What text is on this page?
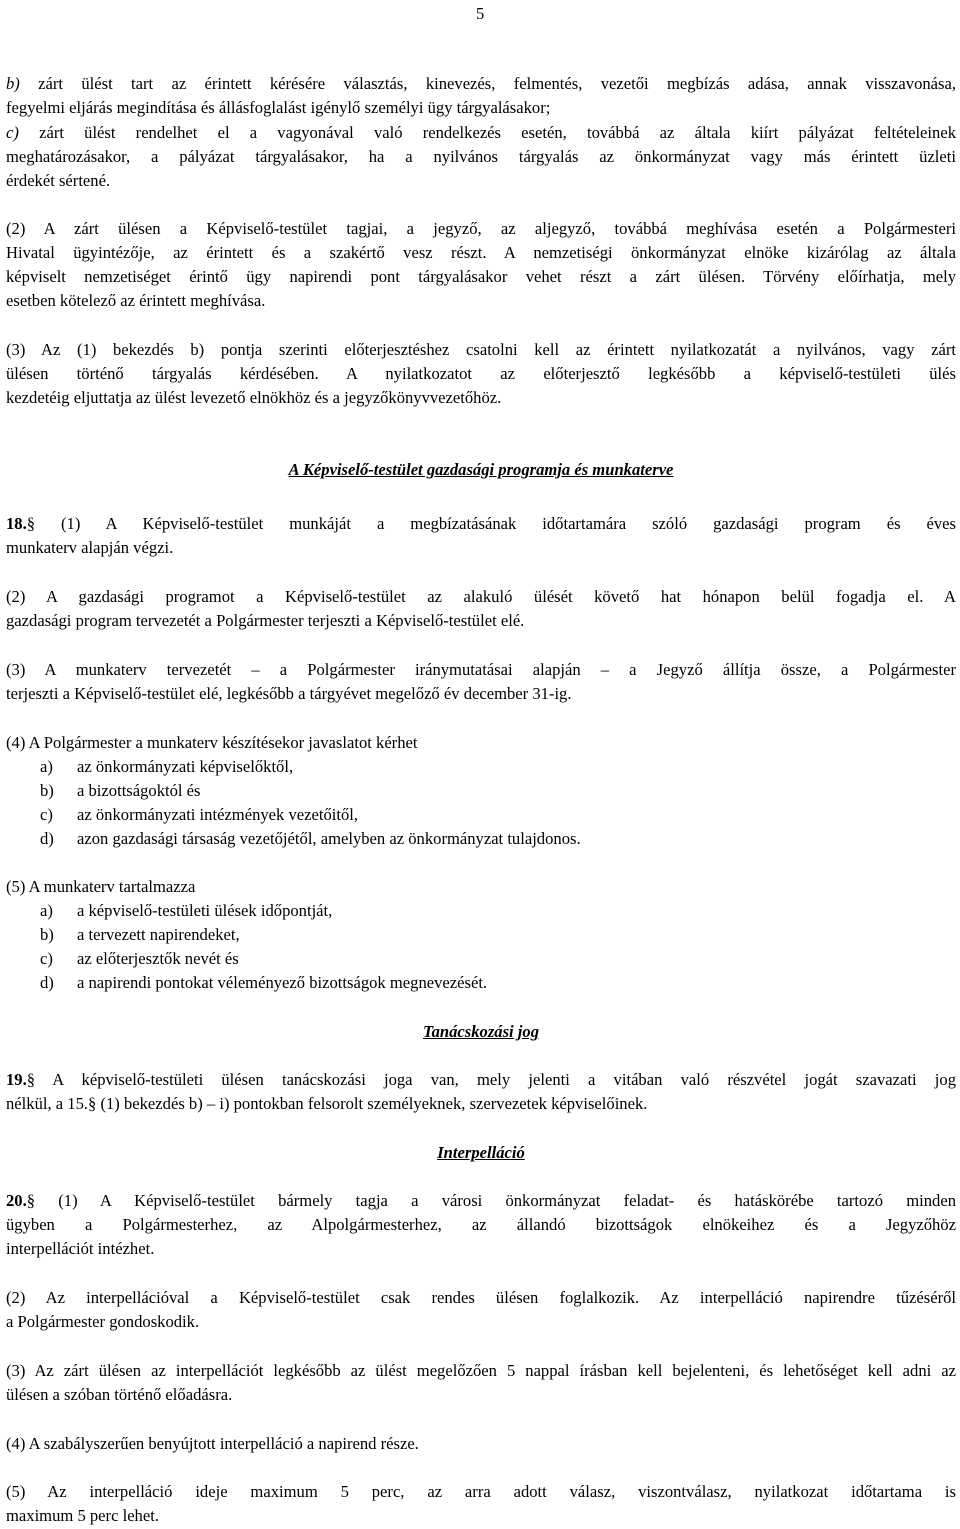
5
b) zárt ülést tart az érintett kérésére választás, kinevezés, felmentés, vezetői megbízás adása, annak visszavonása,
fegyelmi eljárás megindítása és állásfoglalást igénylő személyi ügy tárgyalásakor;
c) zárt ülést rendelhet el a vagyonával való rendelkezés esetén, továbbá az általa kiírt pályázat feltételeinek
meghatározásakor, a pályázat tárgyalásakor, ha a nyilvános tárgyalás az önkormányzat vagy más érintett üzleti
érdekét sértené.
(2) A zárt ülésen a Képviselő-testület tagjai, a jegyző, az aljegyző, továbbá meghívása esetén a Polgármesteri
Hivatal ügyintézője, az érintett és a szakértő vesz részt. A nemzetiségi önkormányzat elnöke kizárólag az általa
képviselt nemzetiséget érintő ügy napirendi pont tárgyalásakor vehet részt a zárt ülésen. Törvény előírhatja, mely
esetben kötelező az érintett meghívása.
(3) Az (1) bekezdés b) pontja szerinti előterjesztéshez csatolni kell az érintett nyilatkozatát a nyilvános, vagy zárt
ülésen történő tárgyalás kérdésében. A nyilatkozatot az előterjesztő legkésőbb a képviselő-testületi ülés
kezdetéig eljuttatja az ülést levezető elnökhöz és a jegyzőkönyvvezetőhöz.
A Képviselő-testület gazdasági programja és munkaterve
18.§ (1) A Képviselő-testület munkáját a megbízatásának időtartamára szóló gazdasági program és éves
munkaterv alapján végzi.
(2) A gazdasági programot a Képviselő-testület az alakuló ülését követő hat hónapon belül fogadja el. A
gazdasági program tervezetét a Polgármester terjeszti a Képviselő-testület elé.
(3) A munkaterv tervezetét – a Polgármester iránymutatásai alapján – a Jegyző állítja össze, a Polgármester
terjeszti a Képviselő-testület elé, legkésőbb a tárgyévet megelőző év december 31-ig.
(4) A Polgármester a munkaterv készítésekor javaslatot kérhet
a) az önkormányzati képviselőktől,
b) a bizottságoktól és
c) az önkormányzati intézmények vezetőitől,
d) azon gazdasági társaság vezetőjétől, amelyben az önkormányzat tulajdonos.
(5) A munkaterv tartalmazza
a) a képviselő-testületi ülések időpontját,
b) a tervezett napirendeket,
c) az előterjesztők nevét és
d) a napirendi pontokat véleményező bizottságok megnevezését.
Tanácskozási jog
19.§ A képviselő-testületi ülésen tanácskozási joga van, mely jelenti a vitában való részvétel jogát szavazati jog
nélkül, a 15.§ (1) bekezdés b) – i) pontokban felsorolt személyeknek, szervezetek képviselőinek.
Interpelláció
20.§ (1) A Képviselő-testület bármely tagja a városi önkormányzat feladat- és hatáskörébe tartozó minden
ügyben a Polgármesterhez, az Alpolgármesterhez, az állandó bizottságok elnökeihez és a Jegyzőhöz
interpellációt intézhet.
(2) Az interpellációval a Képviselő-testület csak rendes ülésen foglalkozik. Az interpelláció napirendre tűzéséről
a Polgármester gondoskodik.
(3) Az zárt ülésen az interpellációt legkésőbb az ülést megelőzően 5 nappal írásban kell bejelenteni, és lehetőséget kell adni az
ülésen a szóban történő előadásra.
(4) A szabályszerűen benyújtott interpelláció a napirend része.
(5) Az interpelláció ideje maximum 5 perc, az arra adott válasz, viszontválasz, nyilatkozat időtartama is
maximum 5 perc lehet.
